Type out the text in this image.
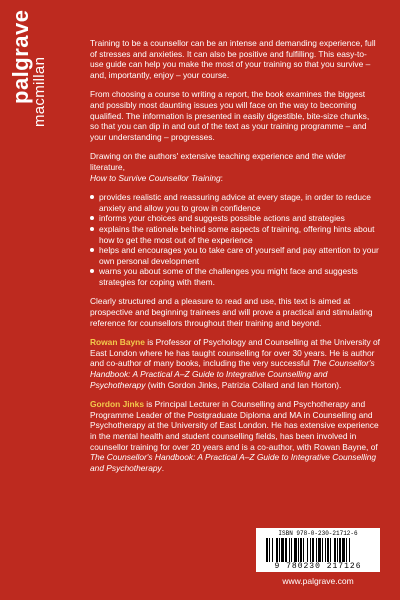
palgrave
macmillan

Training to be a counsellor can be an intense and demanding experience, full of stresses and anxieties. It can also be positive and fulfilling. This easy-to-use guide can help you make the most of your training so that you survive – and, importantly, enjoy – your course.

From choosing a course to writing a report, the book examines the biggest and possibly most daunting issues you will face on the way to becoming qualified. The information is presented in easily digestible, bite-size chunks, so that you can dip in and out of the text as your training programme – and your understanding – progresses.

Drawing on the authors' extensive teaching experience and the wider literature,
How to Survive Counsellor Training:

provides realistic and reassuring advice at every stage, in order to reduce anxiety and allow you to grow in confidence
informs your choices and suggests possible actions and strategies
explains the rationale behind some aspects of training, offering hints about how to get the most out of the experience
helps and encourages you to take care of yourself and pay attention to your own personal development
warns you about some of the challenges you might face and suggests strategies for coping with them.

Clearly structured and a pleasure to read and use, this text is aimed at prospective and beginning trainees and will prove a practical and stimulating reference for counsellors throughout their training and beyond.

Rowan Bayne is Professor of Psychology and Counselling at the University of East London where he has taught counselling for over 30 years. He is author and co-author of many books, including the very successful The Counsellor's Handbook: A Practical A–Z Guide to Integrative Counselling and Psychotherapy (with Gordon Jinks, Patrizia Collard and Ian Horton).

Gordon Jinks is Principal Lecturer in Counselling and Psychotherapy and Programme Leader of the Postgraduate Diploma and MA in Counselling and Psychotherapy at the University of East London. He has extensive experience in the mental health and student counselling fields, has been involved in counsellor training for over 20 years and is a co-author, with Rowan Bayne, of The Counsellor's Handbook: A Practical A–Z Guide to Integrative Counselling and Psychotherapy.

ISBN 978-0-230-21712-6
9 780230 217126
www.palgrave.com
